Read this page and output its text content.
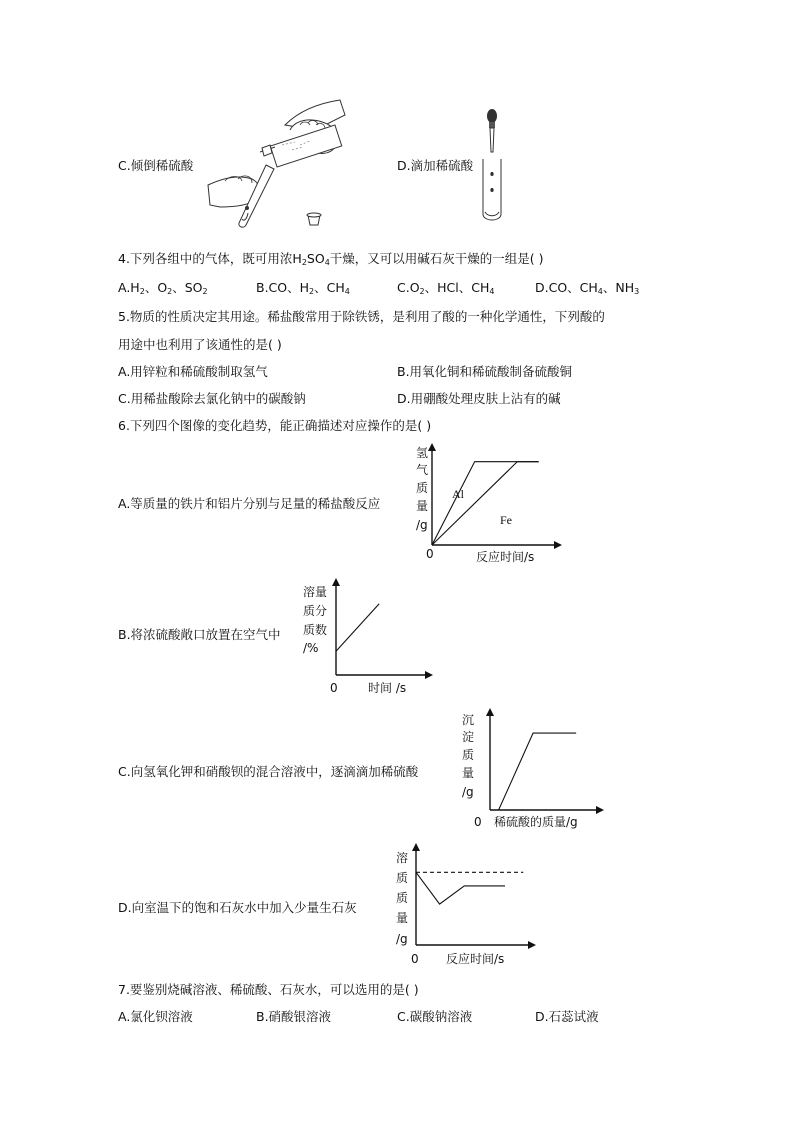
C.倾倒稀硫酸	D.滴加稀硫酸
4.下列各组中的气体，既可用浓$H_2SO_4$干燥，又可以用碱石灰干燥的一组是( )
$A.H_2$、$O_2$、$SO_2$	B.CO、$H_2$、$CH_4$	$C.O_2$、HCl、$CH_4$	D.CO、$CH_4$、$NH_3$
5.物质的性质决定其用途。稀盐酸常用于除铁锈，是利用了酸的一种化学通性，下列酸的
用途中也利用了该通性的是( )
A.用锌粒和稀硫酸制取氢气	B.用氧化铜和稀硫酸制备硫酸铜
C.用稀盐酸除去氯化钠中的碳酸钠	D.用硼酸处理皮肤上沾有的碱
6.下列四个图像的变化趋势，能正确描述对应操作的是( )
A.等质量的铁片和铝片分别与足量的稀盐酸反应
氢
气
质
量
/g
0	反应时间/s
Al
Fe
B.将浓硫酸敞口放置在空气中
溶量
质分
质数
/%
0	时间 /s
C.向氢氧化钾和硝酸钡的混合溶液中，逐滴滴加稀硫酸
沉
淀
质
量
/g
0 稀硫酸的质量/g
D.向室温下的饱和石灰水中加入少量生石灰
溶
质
质
量
/g
0 反应时间/s
7.要鉴别烧碱溶液、稀硫酸、石灰水，可以选用的是( )
A.氯化钡溶液	B.硝酸银溶液	C.碳酸钠溶液	D.石蕊试液
